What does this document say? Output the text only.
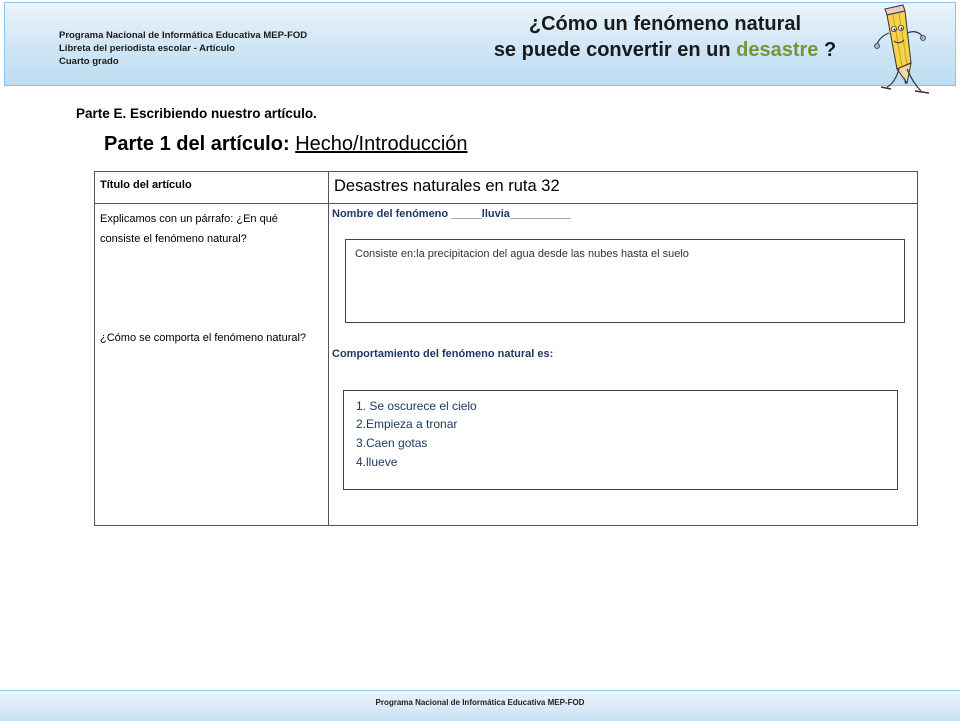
Programa Nacional de Informática Educativa MEP-FOD
Libreta del periodista escolar - Artículo
Cuarto grado
¿Cómo un fenómeno natural
se puede convertir en un desastre ?
Parte E. Escribiendo nuestro artículo.
Parte 1 del artículo: Hecho/Introducción
Título del artículo	Desastres naturales en ruta 32
Explicamos con un párrafo: ¿En qué consiste el fenómeno natural?
¿Cómo se comporta el fenómeno natural?
Nombre del fenómeno _____lluvia__________
Consiste en:la precipitacion del agua desde las nubes hasta el suelo
Comportamiento del fenómeno natural es:
1. Se oscurece el cielo
2.Empieza a tronar
3.Caen gotas
4.llueve
Programa Nacional de Informática Educativa MEP-FOD
